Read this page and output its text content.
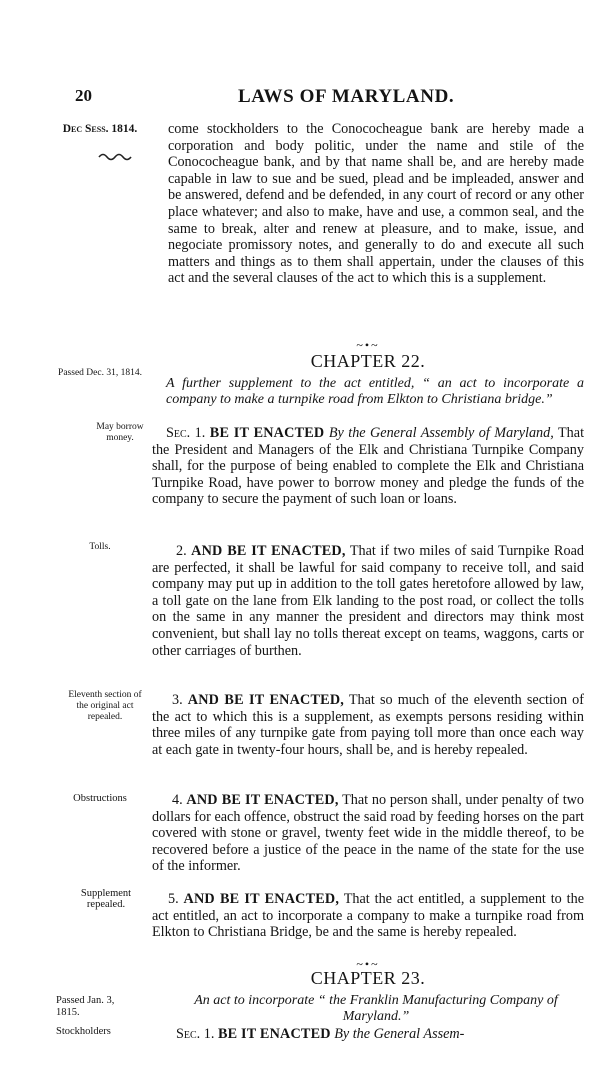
20	LAWS OF MARYLAND.
Dec Sess. 1814.
Passed Dec. 31, 1814.
May borrow money.
Tolls.
Eleventh section of the original act repealed.
Obstructions
Supplement repealed.
Passed Jan. 3, 1815.
Stockholders
come stockholders to the Conococheague bank are hereby made a corporation and body politic, under the name and stile of the Conococheague bank, and by that name shall be, and are hereby made capable in law to sue and be sued, plead and be impleaded, answer and be answered, defend and be defended, in any court of record or any other place whatever; and also to make, have and use, a common seal, and the same to break, alter and renew at pleasure, and to make, issue, and negociate promissory notes, and generally to do and execute all such matters and things as to them shall appertain, under the clauses of this act and the several clauses of the act to which this is a supplement.
~•~
CHAPTER 22.
A further supplement to the act entitled, “ an act to incorporate a company to make a turnpike road from Elkton to Christiana bridge.”
Sec. 1. BE IT ENACTED By the General Assembly of Maryland, That the President and Managers of the Elk and Christiana Turnpike Company shall, for the purpose of being enabled to complete the Elk and Christiana Turnpike Road, have power to borrow money and pledge the funds of the company to secure the payment of such loan or loans.
2. AND BE IT ENACTED, That if two miles of said Turnpike Road are perfected, it shall be lawful for said company to receive toll, and said company may put up in addition to the toll gates heretofore allowed by law, a toll gate on the lane from Elk landing to the post road, or collect the tolls on the same in any manner the president and directors may think most convenient, but shall lay no tolls thereat except on teams, waggons, carts or other carriages of burthen.
3. AND BE IT ENACTED, That so much of the eleventh section of the act to which this is a supplement, as exempts persons residing within three miles of any turnpike gate from paying toll more than once each way at each gate in twenty-four hours, shall be, and is hereby repealed.
4. AND BE IT ENACTED, That no person shall, under penalty of two dollars for each offence, obstruct the said road by feeding horses on the part covered with stone or gravel, twenty feet wide in the middle thereof, to be recovered before a justice of the peace in the name of the state for the use of the informer.
5. AND BE IT ENACTED, That the act entitled, a supplement to the act entitled, an act to incorporate a company to make a turnpike road from Elkton to Christiana Bridge, be and the same is hereby repealed.
~•~
CHAPTER 23.
An act to incorporate “ the Franklin Manufacturing Company of Maryland.”
Sec. 1. BE IT ENACTED By the General Assem-
